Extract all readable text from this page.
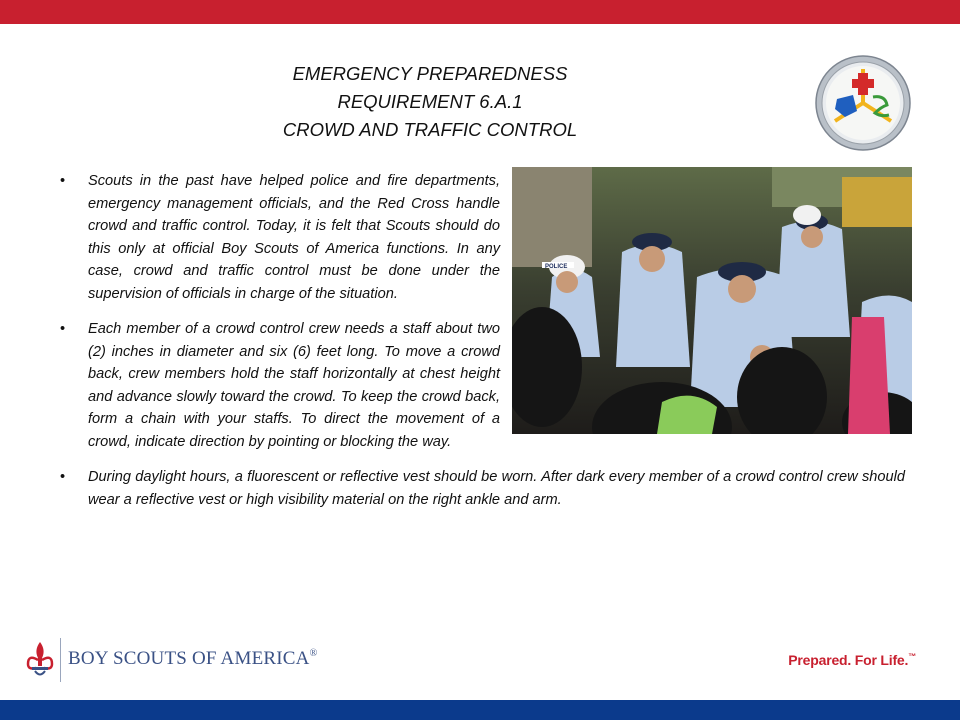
EMERGENCY PREPAREDNESS
REQUIREMENT 6.A.1
CROWD AND TRAFFIC CONTROL
POLICE
• Scouts in the past have helped police and fire departments, emergency management officials, and the Red Cross handle crowd and traffic control. Today, it is felt that Scouts should do this only at official Boy Scouts of America functions. In any case, crowd and traffic control must be done under the supervision of officials in charge of the situation.
• Each member of a crowd control crew needs a staff about two (2) inches in diameter and six (6) feet long. To move a crowd back, crew members hold the staff horizontally at chest height and advance slowly toward the crowd. To keep the crowd back, form a chain with your staffs. To direct the movement of a crowd, indicate direction by pointing or blocking the way.
• During daylight hours, a fluorescent or reflective vest should be worn. After dark every member of a crowd control crew should wear a reflective vest or high visibility material on the right ankle and arm.
BOY SCOUTS OF AMERICA®	Prepared. For Life.™
